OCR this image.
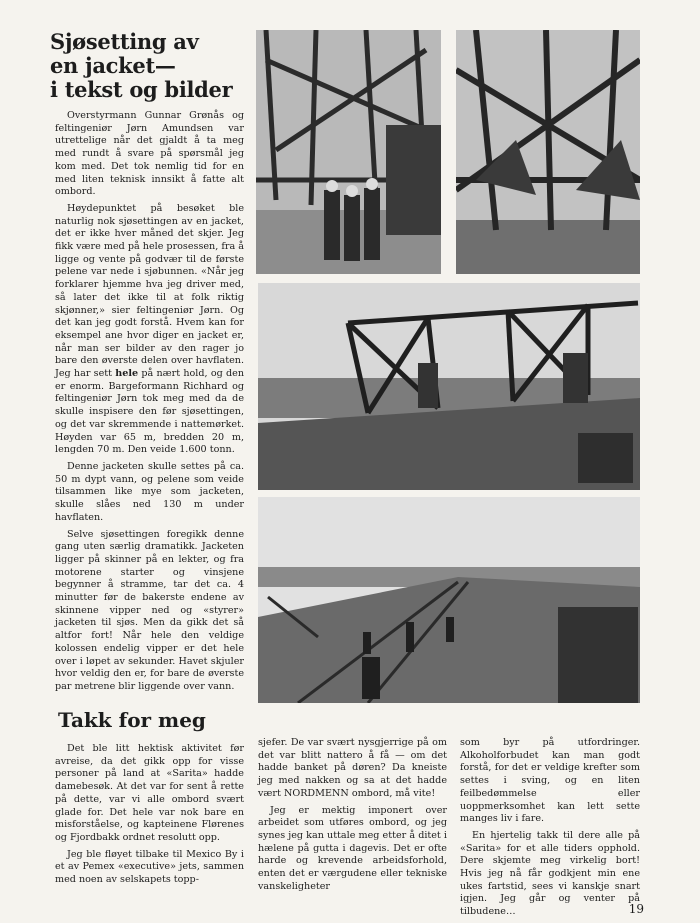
Sjøsetting av
en jacket—
i tekst og bilder

Overstyrmann Gunnar Grønås og feltingeniør Jørn Amundsen var utrettelige når det gjaldt å ta meg med rundt å svare på spørsmål jeg kom med. Det tok nemlig tid for en med liten teknisk innsikt å fatte alt ombord.

Høydepunktet på besøket ble naturlig nok sjøsettingen av en jacket, det er ikke hver måned det skjer. Jeg fikk være med på hele prosessen, fra å ligge og vente på godvær til de første pelene var nede i sjøbunnen. «Når jeg forklarer hjemme hva jeg driver med, så later det ikke til at folk riktig skjønner,» sier feltingeniør Jørn. Og det kan jeg godt forstå. Hvem kan for eksempel ane hvor diger en jacket er, når man ser bilder av den rager jo bare den øverste delen over havflaten. Jeg har sett hele på nært hold, og den er enorm. Bargeformann Richhard og feltingeniør Jørn tok meg med da de skulle inspisere den før sjøsettingen, og det var skremmende i nattemørket. Høyden var 65 m, bredden 20 m, lengden 70 m. Den veide 1.600 tonn.

Denne jacketen skulle settes på ca. 50 m dypt vann, og pelene som veide tilsammen like mye som jacketen, skulle slåes ned 130 m under havflaten.

Selve sjøsettingen foregikk denne gang uten særlig dramatikk. Jacketen ligger på skinner på en lekter, og fra motorene starter og vinsjene begynner å stramme, tar det ca. 4 minutter før de bakerste endene av skinnene vipper ned og «styrer» jacketen til sjøs. Men da gikk det så altfor fort! Når hele den veldige kolossen endelig vipper er det hele over i løpet av sekunder. Havet skjuler hvor veldig den er, for bare de øverste par metrene blir liggende over vann.

Takk for meg

Det ble litt hektisk aktivitet før avreise, da det gikk opp for visse personer på land at «Sarita» hadde damebesøk. At det var for sent å rette på dette, var vi alle ombord svært glade for. Det hele var nok bare en misforståelse, og kapteinene Flørenes og Fjordbakk ordnet resolutt opp.

Jeg ble fløyet tilbake til Mexico By i et av Pemex «executive» jets, sammen med noen av selskapets topp-

sjefer. De var svært nysgjerrige på om det var blitt nattero å få — om det hadde banket på døren? Da kneiste jeg med nakken og sa at det hadde vært NORDMENN ombord, må vite!

Jeg er mektig imponert over arbeidet som utføres ombord, og jeg synes jeg kan uttale meg etter å ditet i hælene på gutta i dagevis. Det er ofte harde og krevende arbeidsforhold, enten det er værgudene eller tekniske vanskeligheter

som byr på utfordringer. Alkoholforbudet kan man godt forstå, for det er veldige krefter som settes i sving, og en liten feilbedømmelse eller uoppmerksomhet kan lett sette manges liv i fare.

En hjertelig takk til dere alle på «Sarita» for et alle tiders opphold. Dere skjemte meg virkelig bort! Hvis jeg nå får godkjent min ene ukes fartstid, sees vi kanskje snart igjen. Jeg går og venter på tilbudene…	19
